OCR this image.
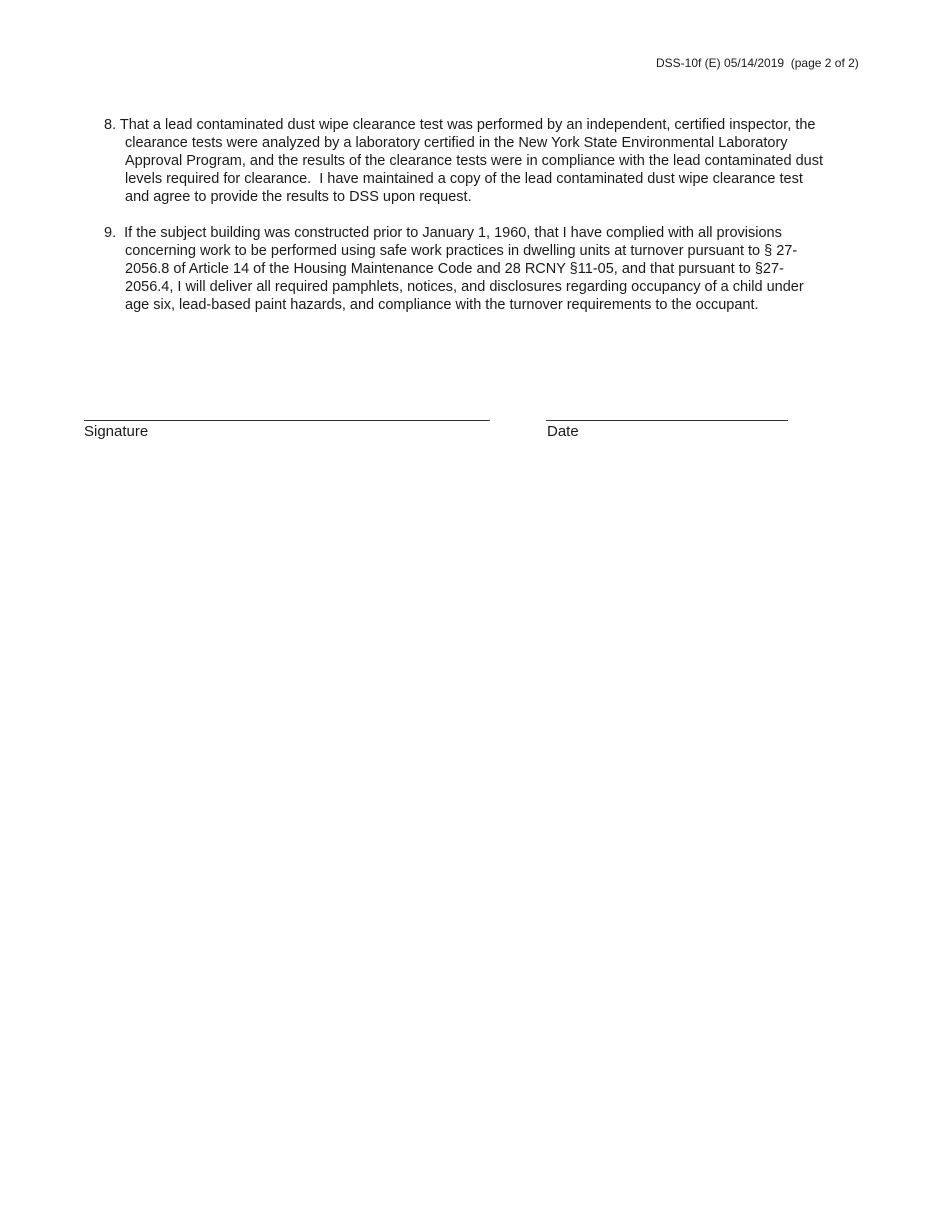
DSS-10f (E) 05/14/2019  (page 2 of 2)
8. That a lead contaminated dust wipe clearance test was performed by an independent, certified inspector, the
clearance tests were analyzed by a laboratory certified in the New York State Environmental Laboratory
Approval Program, and the results of the clearance tests were in compliance with the lead contaminated dust
levels required for clearance.  I have maintained a copy of the lead contaminated dust wipe clearance test
and agree to provide the results to DSS upon request.
9.  If the subject building was constructed prior to January 1, 1960, that I have complied with all provisions
concerning work to be performed using safe work practices in dwelling units at turnover pursuant to § 27-
2056.8 of Article 14 of the Housing Maintenance Code and 28 RCNY §11-05, and that pursuant to §27-
2056.4, I will deliver all required pamphlets, notices, and disclosures regarding occupancy of a child under
age six, lead-based paint hazards, and compliance with the turnover requirements to the occupant.
Signature	Date
